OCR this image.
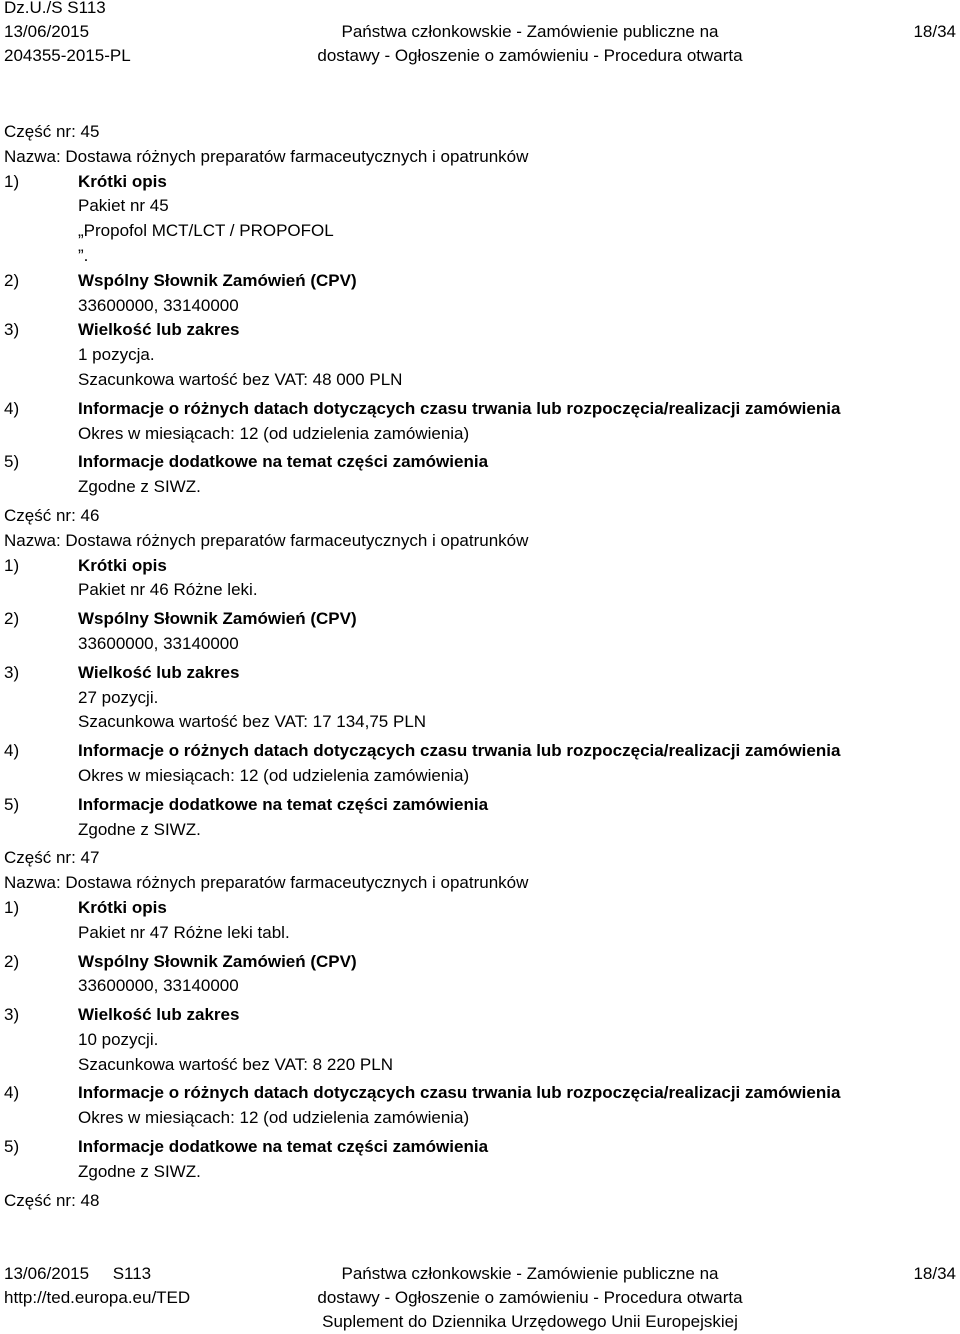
Dz.U./S S113
13/06/2015
204355-2015-PL
Państwa członkowskie - Zamówienie publiczne na
dostawy - Ogłoszenie o zamówieniu - Procedura otwarta
18/34
Część nr: 45
Nazwa: Dostawa różnych preparatów farmaceutycznych i opatrunków
1)	Krótki opis
Pakiet nr 45
„Propofol MCT/LCT / PROPOFOL
”.
2)	Wspólny Słownik Zamówień (CPV)
33600000, 33140000
3)	Wielkość lub zakres
1 pozycja.
Szacunkowa wartość bez VAT: 48 000 PLN
4)	Informacje o różnych datach dotyczących czasu trwania lub rozpoczęcia/realizacji zamówienia
Okres w miesiącach: 12 (od udzielenia zamówienia)
5)	Informacje dodatkowe na temat części zamówienia
Zgodne z SIWZ.
Część nr: 46
Nazwa: Dostawa różnych preparatów farmaceutycznych i opatrunków
1)	Krótki opis
Pakiet nr 46 Różne leki.
2)	Wspólny Słownik Zamówień (CPV)
33600000, 33140000
3)	Wielkość lub zakres
27 pozycji.
Szacunkowa wartość bez VAT: 17 134,75 PLN
4)	Informacje o różnych datach dotyczących czasu trwania lub rozpoczęcia/realizacji zamówienia
Okres w miesiącach: 12 (od udzielenia zamówienia)
5)	Informacje dodatkowe na temat części zamówienia
Zgodne z SIWZ.
Część nr: 47
Nazwa: Dostawa różnych preparatów farmaceutycznych i opatrunków
1)	Krótki opis
Pakiet nr 47 Różne leki tabl.
2)	Wspólny Słownik Zamówień (CPV)
33600000, 33140000
3)	Wielkość lub zakres
10 pozycji.
Szacunkowa wartość bez VAT: 8 220 PLN
4)	Informacje o różnych datach dotyczących czasu trwania lub rozpoczęcia/realizacji zamówienia
Okres w miesiącach: 12 (od udzielenia zamówienia)
5)	Informacje dodatkowe na temat części zamówienia
Zgodne z SIWZ.
Część nr: 48
13/06/2015     S113
http://ted.europa.eu/TED
Państwa członkowskie - Zamówienie publiczne na
dostawy - Ogłoszenie o zamówieniu - Procedura otwarta
Suplement do Dziennika Urzędowego Unii Europejskiej
18/34
